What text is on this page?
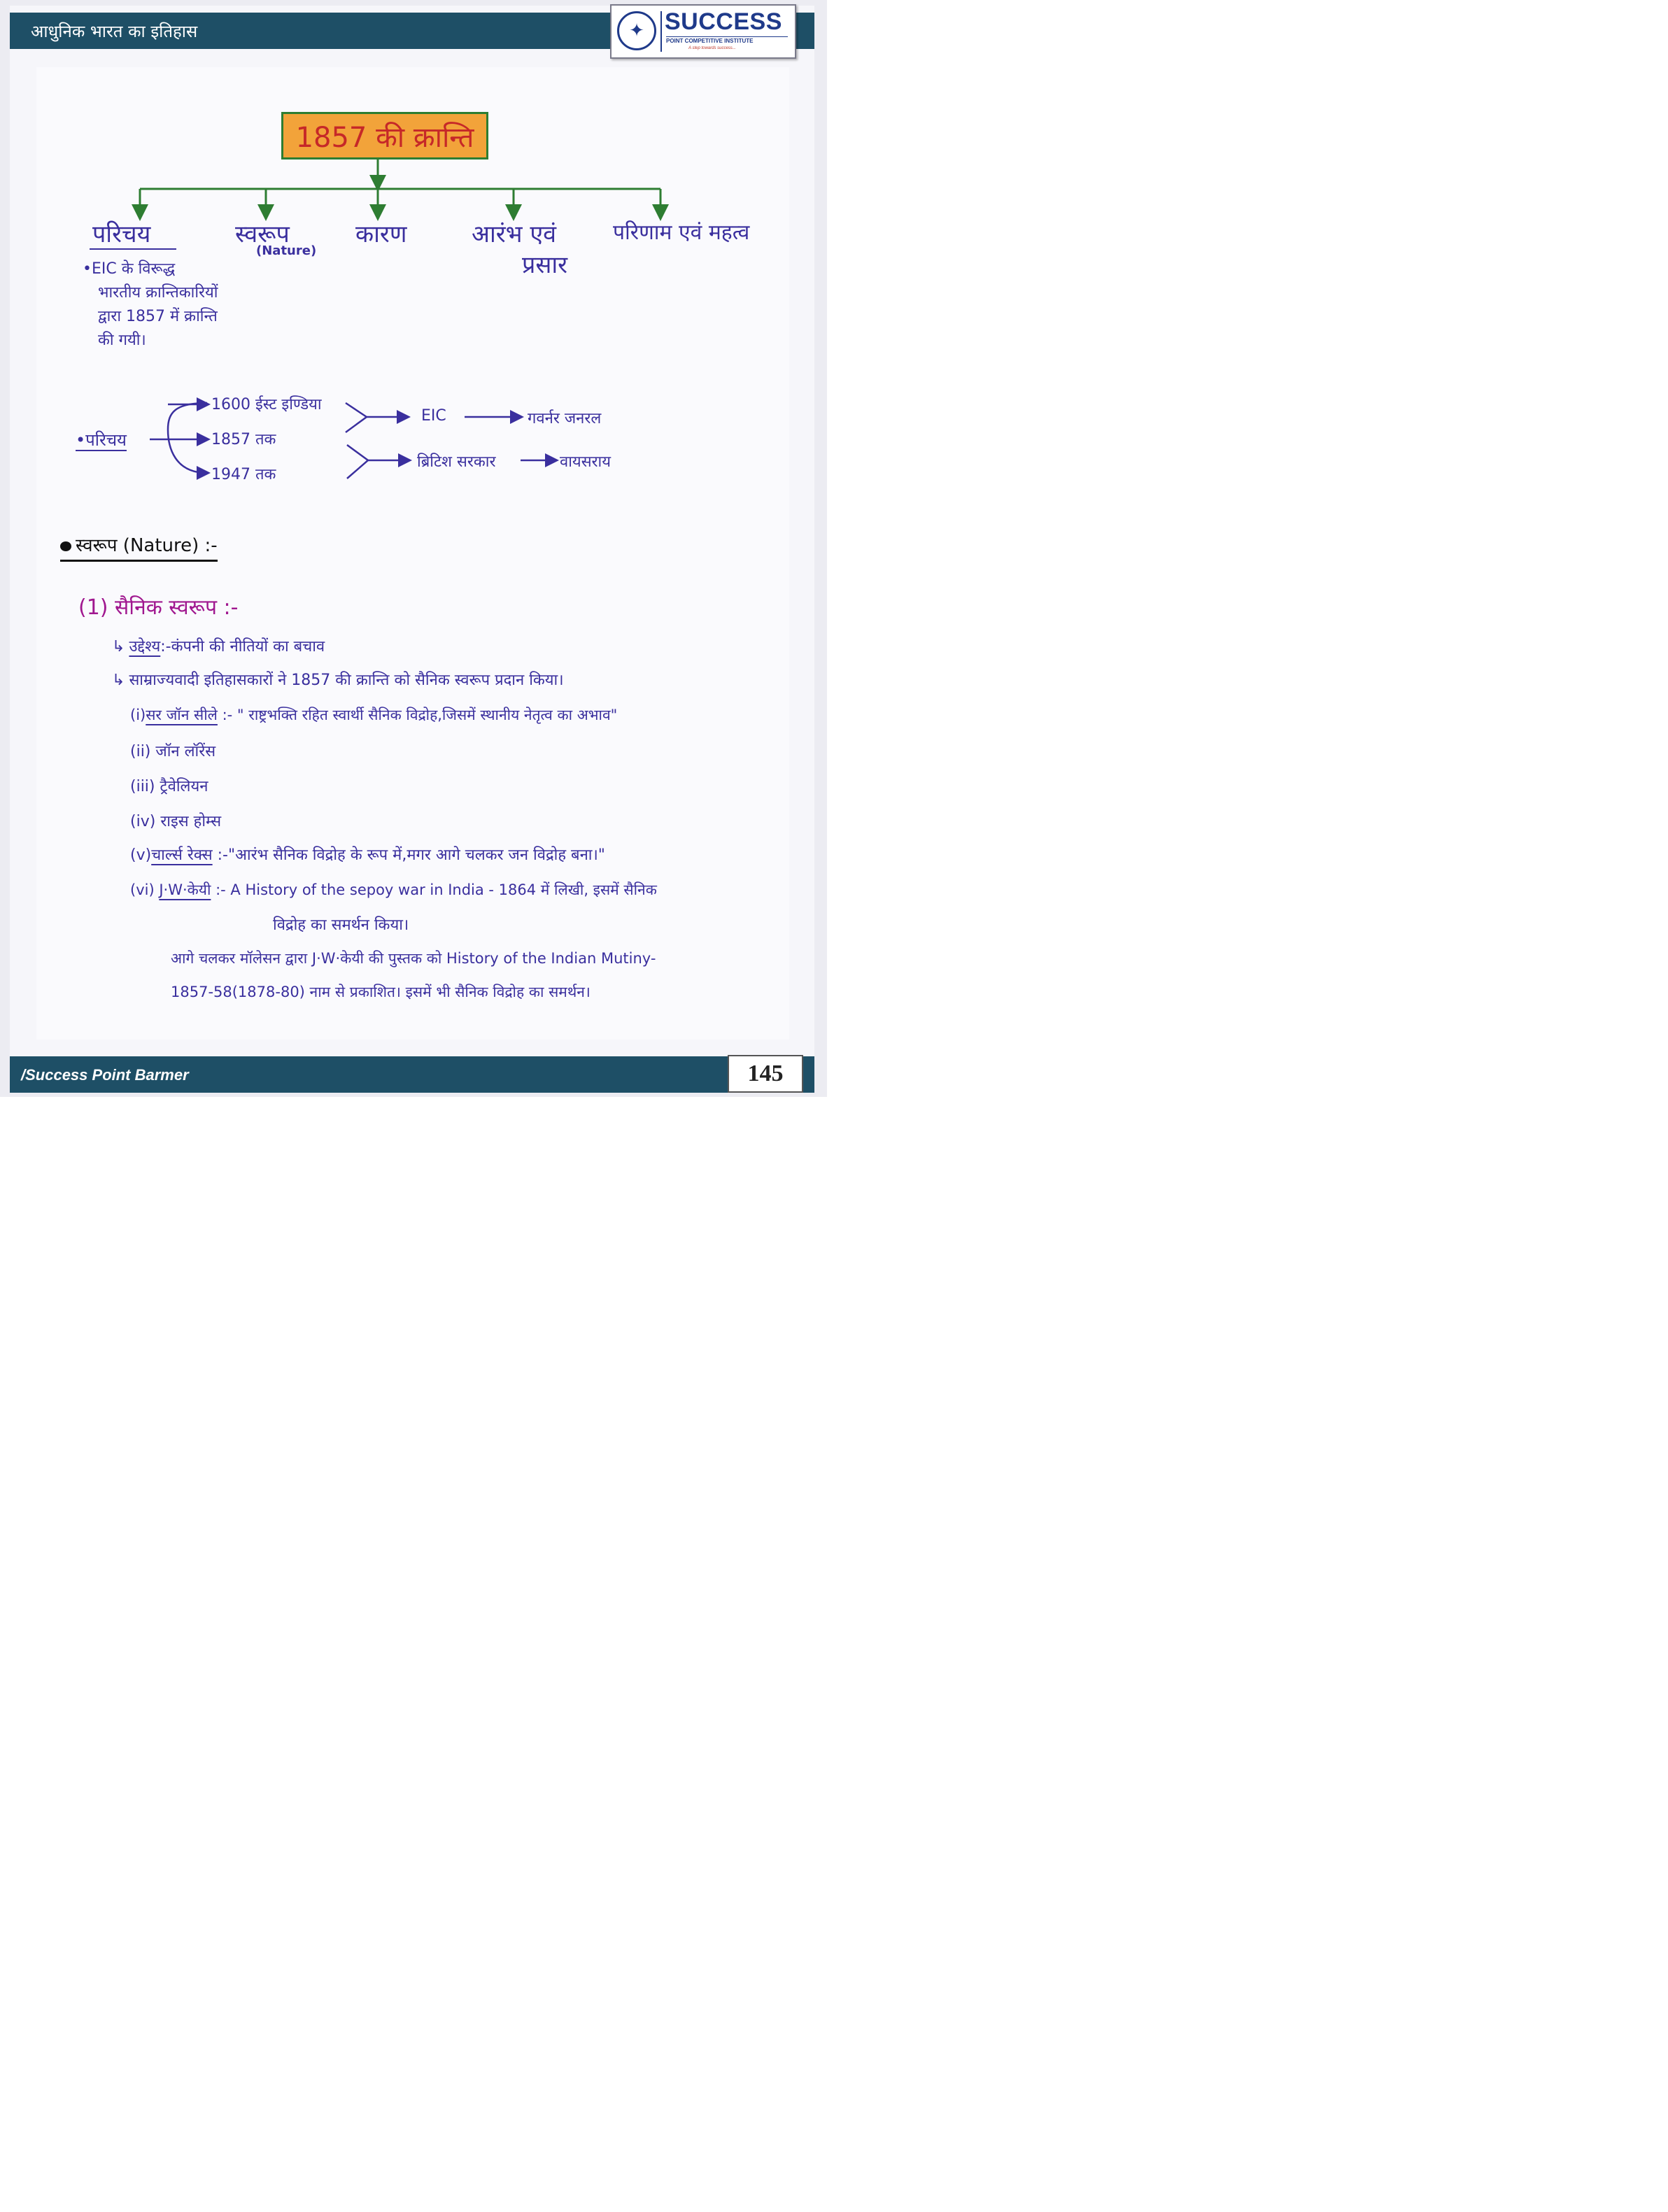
आधुनिक भारत का इतिहास	✦ SUCCESS
POINT COMPETITIVE INSTITUTE
A step towards success...
1857 की क्रान्ति
परिचय	स्वरूप
(Nature)
कारण	आरंभ एवं
प्रसार
परिणाम एवं महत्व
•EIC के विरूद्ध
भारतीय क्रान्तिकारियों
द्वारा 1857 में क्रान्ति
की गयी।
•परिचय
1600 ईस्ट इण्डिया
1857 तक
1947 तक
EIC	गवर्नर जनरल
ब्रिटिश सरकार	वायसराय
स्वरूप (Nature) :-
(1) सैनिक स्वरूप :-
↳ उद्देश्य:-कंपनी की नीतियों का बचाव
↳ साम्राज्यवादी इतिहासकारों ने 1857 की क्रान्ति को सैनिक स्वरूप प्रदान किया।
(i)सर जॉन सीले :- " राष्ट्रभक्ति रहित स्वार्थी सैनिक विद्रोह,जिसमें स्थानीय नेतृत्व का अभाव"
(ii) जॉन लॉरेंस
(iii) ट्रैवेलियन
(iv) राइस होम्स
(v)चार्ल्स रेक्स :-"आरंभ सैनिक विद्रोह के रूप में,मगर आगे चलकर जन विद्रोह बना।"
(vi) J·W·केयी :- A History of the sepoy war in India - 1864 में लिखी, इसमें सैनिक
विद्रोह का समर्थन किया।
आगे चलकर मॉलेसन द्वारा J·W·केयी की पुस्तक को History of the Indian Mutiny-
1857-58(1878-80) नाम से प्रकाशित। इसमें भी सैनिक विद्रोह का समर्थन।
/Success Point Barmer	145
